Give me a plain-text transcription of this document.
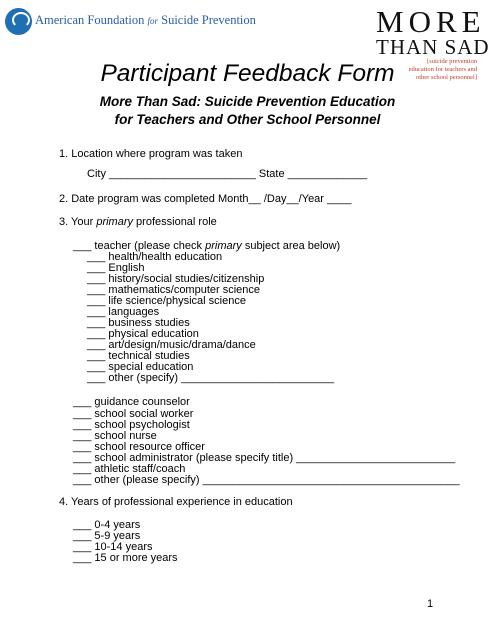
American Foundation for Suicide Prevention	MORE
THAN SAD
[suicide prevention
education for teachers and
other school personnel]
Participant Feedback Form
More Than Sad: Suicide Prevention Education
for Teachers and Other School Personnel
1. Location where program was taken
City ________________________ State _____________
2. Date program was completed Month__ /Day__/Year ____
3. Your primary professional role
___ teacher (please check primary subject area below)
___ health/health education
___ English
___ history/social studies/citizenship
___ mathematics/computer science
___ life science/physical science
___ languages
___ business studies
___ physical education
___ art/design/music/drama/dance
___ technical studies
___ special education
___ other (specify) _________________________
___ guidance counselor
___ school social worker
___ school psychologist
___ school nurse
___ school resource officer
___ school administrator (please specify title) __________________________
___ athletic staff/coach
___ other (please specify) __________________________________________
4. Years of professional experience in education
___ 0-4 years
___ 5-9 years
___ 10-14 years
___ 15 or more years
1
